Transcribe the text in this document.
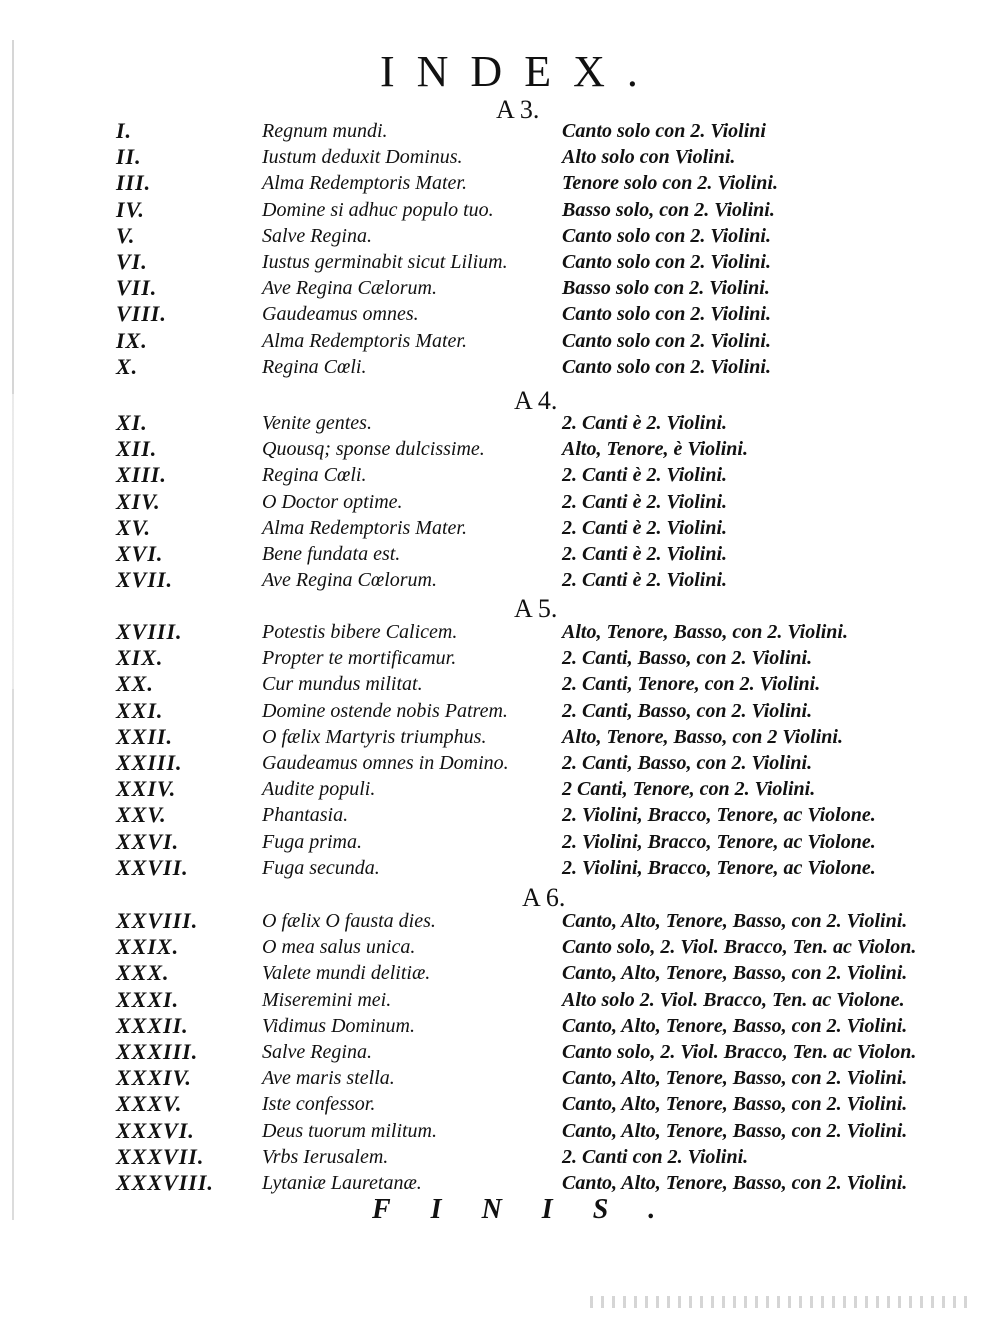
INDEX.
A 3.
I.	Regnum mundi.	Canto solo con 2. Violini
II.	Iustum deduxit Dominus.	Alto solo con Violini.
III.	Alma Redemptoris Mater.	Tenore solo con 2. Violini.
IV.	Domine si adhuc populo tuo.	Basso solo, con 2. Violini.
V.	Salve Regina.	Canto solo con 2. Violini.
VI.	Iustus germinabit sicut Lilium.	Canto solo con 2. Violini.
VII.	Ave Regina Cælorum.	Basso solo con 2. Violini.
VIII.	Gaudeamus omnes.	Canto solo con 2. Violini.
IX.	Alma Redemptoris Mater.	Canto solo con 2. Violini.
X.	Regina Cœli.	Canto solo con 2. Violini.
A 4.
XI.	Venite gentes.	2. Canti è 2. Violini.
XII.	Quousq; sponse dulcissime.	Alto, Tenore, è Violini.
XIII.	Regina Cœli.	2. Canti è 2. Violini.
XIV.	O Doctor optime.	2. Canti è 2. Violini.
XV.	Alma Redemptoris Mater.	2. Canti è 2. Violini.
XVI.	Bene fundata est.	2. Canti è 2. Violini.
XVII.	Ave Regina Cœlorum.	2. Canti è 2. Violini.
A 5.
XVIII.	Potestis bibere Calicem.	Alto, Tenore, Basso, con 2. Violini.
XIX.	Propter te mortificamur.	2. Canti, Basso, con 2. Violini.
XX.	Cur mundus militat.	2. Canti, Tenore, con 2. Violini.
XXI.	Domine ostende nobis Patrem.	2. Canti, Basso, con 2. Violini.
XXII.	O fælix Martyris triumphus.	Alto, Tenore, Basso, con 2 Violini.
XXIII.	Gaudeamus omnes in Domino.	2. Canti, Basso, con 2. Violini.
XXIV.	Audite populi.	2 Canti, Tenore, con 2. Violini.
XXV.	Phantasia.	2. Violini, Bracco, Tenore, ac Violone.
XXVI.	Fuga prima.	2. Violini, Bracco, Tenore, ac Violone.
XXVII.	Fuga secunda.	2. Violini, Bracco, Tenore, ac Violone.
A 6.
XXVIII.	O fælix O fausta dies.	Canto, Alto, Tenore, Basso, con 2. Violini.
XXIX.	O mea salus unica.	Canto solo, 2. Viol. Bracco, Ten. ac Violon.
XXX.	Valete mundi delitiæ.	Canto, Alto, Tenore, Basso, con 2. Violini.
XXXI.	Miseremini mei.	Alto solo 2. Viol. Bracco, Ten. ac Violone.
XXXII.	Vidimus Dominum.	Canto, Alto, Tenore, Basso, con 2. Violini.
XXXIII.	Salve Regina.	Canto solo, 2. Viol. Bracco, Ten. ac Violon.
XXXIV.	Ave maris stella.	Canto, Alto, Tenore, Basso, con 2. Violini.
XXXV.	Iste confessor.	Canto, Alto, Tenore, Basso, con 2. Violini.
XXXVI.	Deus tuorum militum.	Canto, Alto, Tenore, Basso, con 2. Violini.
XXXVII.	Vrbs Ierusalem.	2. Canti con 2. Violini.
XXXVIII. Lytaniæ Lauretanæ.	Canto, Alto, Tenore, Basso, con 2. Violini.
FINIS.
